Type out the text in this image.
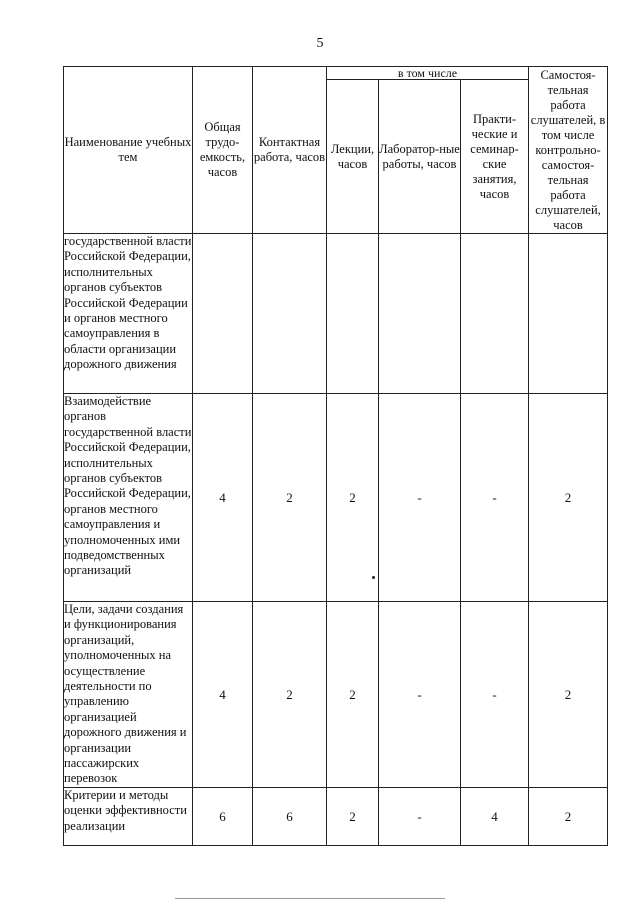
5
Наименование учебных тем	Общая трудо-емкость, часов	Контактная работа, часов	в том числе			Самостоя-тельная работа слушателей, в том числе контрольно-самостоя-тельная работа слушателей, часов
			Лекции, часов	Лаборатор-ные работы, часов	Практи-ческие и семинар-ские занятия, часов	
государственной власти Российской Федерации, исполнительных органов субъектов Российской Федерации и органов местного самоуправления в области организации дорожного движения						
Взаимодействие органов государственной власти Российской Федерации, исполнительных органов субъектов Российской Федерации, органов местного самоуправления и уполномоченных ими подведомственных организаций	4	2	2	-	-	2
Цели, задачи создания и функционирования организаций, уполномоченных на осуществление деятельности по управлению организацией дорожного движения и организации пассажирских перевозок	4	2	2	-	-	2
Критерии и методы оценки эффективности реализации	6	6	2	-	4	2
